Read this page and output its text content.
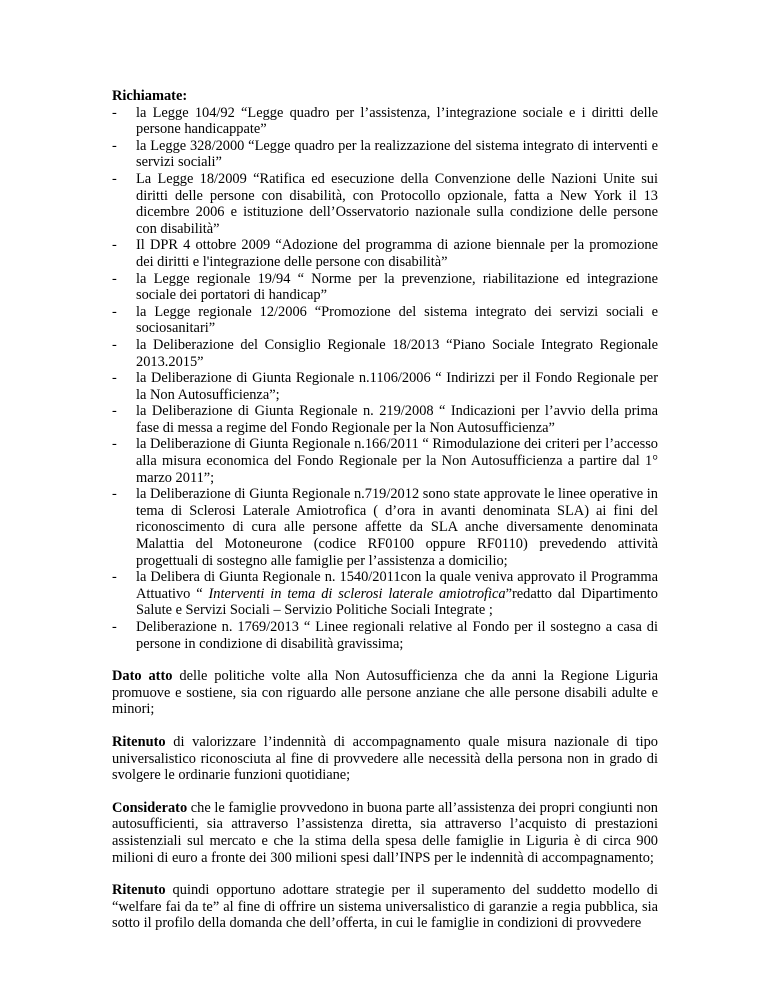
Richiamate:

- la Legge 104/92 “Legge quadro per l’assistenza, l’integrazione sociale e i diritti delle persone handicappate”
- la Legge 328/2000 “Legge quadro per la realizzazione del sistema integrato di interventi e servizi sociali”
- La Legge 18/2009 “Ratifica ed esecuzione della Convenzione delle Nazioni Unite sui diritti delle persone con disabilità, con Protocollo opzionale, fatta a New York il 13 dicembre 2006 e istituzione dell’Osservatorio nazionale sulla condizione delle persone con disabilità”
- Il DPR 4 ottobre 2009 “Adozione del programma di azione biennale per la promozione dei diritti e l'integrazione delle persone con disabilità”
- la Legge regionale 19/94 “ Norme per la prevenzione, riabilitazione ed integrazione sociale dei portatori di handicap”
- la Legge regionale 12/2006 “Promozione del sistema integrato dei servizi sociali e sociosanitari”
- la Deliberazione del Consiglio Regionale 18/2013 “Piano Sociale Integrato Regionale 2013.2015”
- la Deliberazione di Giunta Regionale n.1106/2006 “ Indirizzi per il Fondo Regionale per la Non Autosufficienza”;
- la Deliberazione di Giunta Regionale n. 219/2008 “ Indicazioni per l’avvio della prima fase di messa a regime del Fondo Regionale per la Non Autosufficienza”
- la Deliberazione di Giunta Regionale n.166/2011 “ Rimodulazione dei criteri per l’accesso alla misura economica del Fondo Regionale per la Non Autosufficienza a partire dal 1° marzo 2011”;
- la Deliberazione di Giunta Regionale n.719/2012 sono state approvate le linee operative in tema di Sclerosi Laterale Amiotrofica ( d’ora in avanti denominata SLA) ai fini del riconoscimento di cura alle persone affette da SLA anche diversamente denominata Malattia del Motoneurone (codice RF0100 oppure RF0110) prevedendo attività progettuali di sostegno alle famiglie per l’assistenza a domicilio;
- la Delibera di Giunta Regionale n. 1540/2011con la quale veniva approvato il Programma Attuativo “ Interventi in tema di sclerosi laterale amiotrofica”redatto dal Dipartimento Salute e Servizi Sociali – Servizio Politiche Sociali Integrate ;
- Deliberazione n. 1769/2013 “ Linee regionali relative al Fondo per il sostegno a casa di persone in condizione di disabilità gravissima;

Dato atto delle politiche volte alla Non Autosufficienza che da anni la Regione Liguria promuove e sostiene, sia con riguardo alle persone anziane che alle persone disabili adulte e minori;

Ritenuto di valorizzare l’indennità di accompagnamento quale misura nazionale di tipo universalistico riconosciuta al fine di provvedere alle necessità della persona non in grado di svolgere le ordinarie funzioni quotidiane;

Considerato che le famiglie provvedono in buona parte all’assistenza dei propri congiunti non autosufficienti, sia attraverso l’assistenza diretta, sia attraverso l’acquisto di prestazioni assistenziali sul mercato e che la stima della spesa delle famiglie in Liguria è di circa 900 milioni di euro a fronte dei 300 milioni spesi dall’INPS per le indennità di accompagnamento;

Ritenuto quindi opportuno adottare strategie per il superamento del suddetto modello di “welfare fai da te” al fine di offrire un sistema universalistico di garanzie a regia pubblica, sia sotto il profilo della domanda che dell’offerta, in cui le famiglie in condizioni di provvedere
